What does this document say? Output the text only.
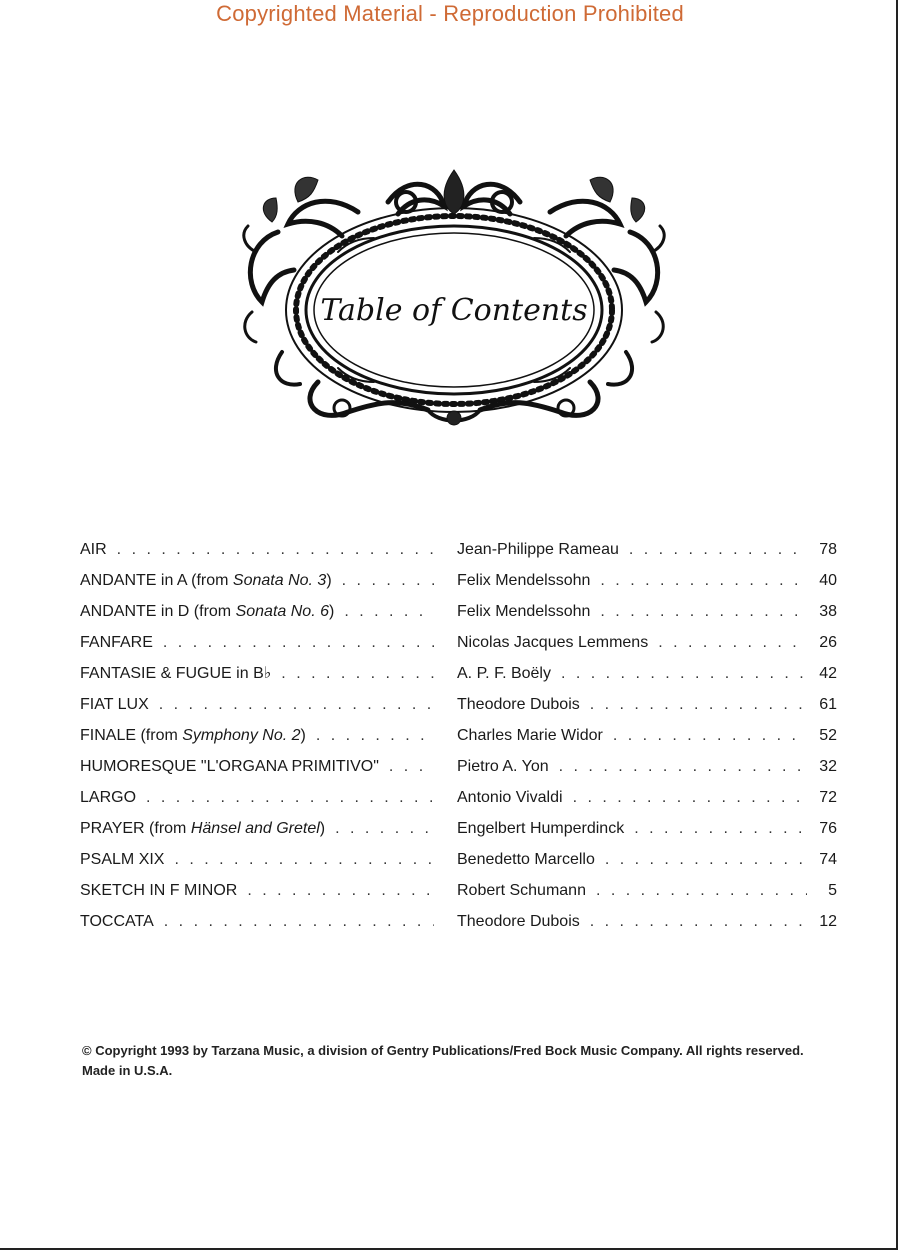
Copyrighted Material - Reproduction Prohibited
Table of Contents
AIR . . .	Jean-Philippe Rameau . . .	78
ANDANTE in A (from Sonata No. 3) . . .	Felix Mendelssohn . . .	40
ANDANTE in D (from Sonata No. 6) . . .	Felix Mendelssohn . . .	38
FANFARE . . .	Nicolas Jacques Lemmens . . .	26
FANTASIE & FUGUE in B♭ . . .	A. P. F. Boëly . . .	42
FIAT LUX . . .	Theodore Dubois . . .	61
FINALE (from Symphony No. 2) . . .	Charles Marie Widor . . .	52
HUMORESQUE "L'ORGANA PRIMITIVO" . . .	Pietro A. Yon . . .	32
LARGO . . .	Antonio Vivaldi . . .	72
PRAYER (from Hänsel and Gretel) . . .	Engelbert Humperdinck . . .	76
PSALM XIX . . .	Benedetto Marcello . . .	74
SKETCH IN F MINOR . . .	Robert Schumann . . .	5
TOCCATA . . .	Theodore Dubois . . .	12
© Copyright 1993 by Tarzana Music, a division of Gentry Publications/Fred Bock Music Company. All rights reserved. Made in U.S.A.
